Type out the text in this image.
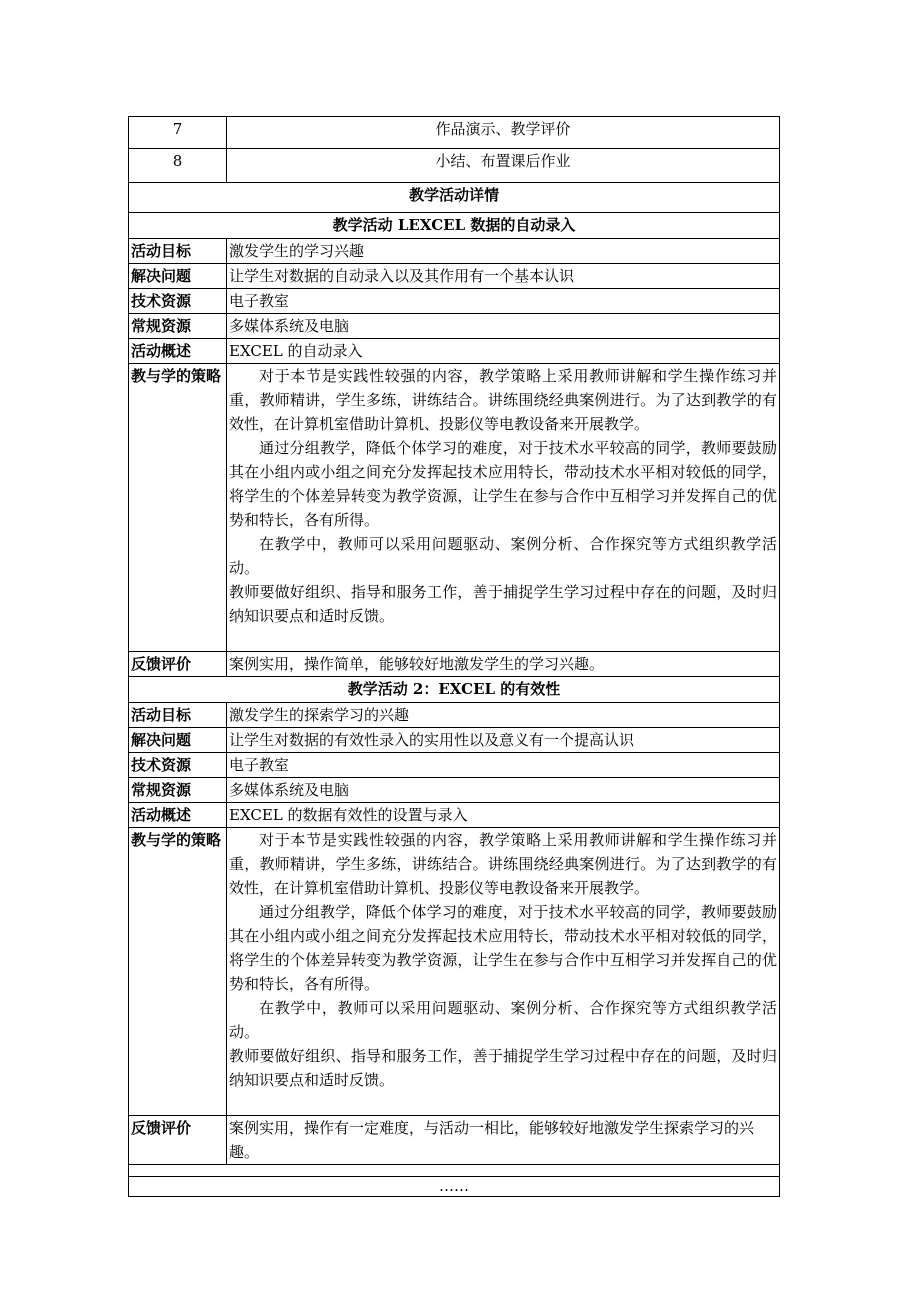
7	作品演示、教学评价
8	小结、布置课后作业
教学活动详情	
教学活动 LEXCEL 数据的自动录入	
活动目标	激发学生的学习兴趣
解决问题	让学生对数据的自动录入以及其作用有一个基本认识
技术资源	电子教室
常规资源	多媒体系统及电脑
活动概述	EXCEL 的自动录入
教与学的策略	对于本节是实践性较强的内容，教学策略上采用教师讲解和学生操作练习并重，教师精讲，学生多练，讲练结合。讲练围绕经典案例进行。为了达到教学的有效性，在计算机室借助计算机、投影仪等电教设备来开展教学。

通过分组教学，降低个体学习的难度，对于技术水平较高的同学，教师要鼓励其在小组内或小组之间充分发挥起技术应用特长，带动技术水平相对较低的同学，将学生的个体差异转变为教学资源，让学生在参与合作中互相学习并发挥自己的优势和特长，各有所得。

在教学中，教师可以采用问题驱动、案例分析、合作探究等方式组织教学活动。

教师要做好组织、指导和服务工作，善于捕捉学生学习过程中存在的问题，及时归纳知识要点和适时反馈。

反馈评价	案例实用，操作简单，能够较好地激发学生的学习兴趣。
教学活动 2：EXCEL 的有效性	
活动目标	激发学生的探索学习的兴趣
解决问题	让学生对数据的有效性录入的实用性以及意义有一个提高认识
技术资源	电子教室
常规资源	多媒体系统及电脑
活动概述	EXCEL 的数据有效性的设置与录入
教与学的策略	对于本节是实践性较强的内容，教学策略上采用教师讲解和学生操作练习并重，教师精讲，学生多练，讲练结合。讲练围绕经典案例进行。为了达到教学的有效性，在计算机室借助计算机、投影仪等电教设备来开展教学。

通过分组教学，降低个体学习的难度，对于技术水平较高的同学，教师要鼓励其在小组内或小组之间充分发挥起技术应用特长，带动技术水平相对较低的同学，将学生的个体差异转变为教学资源，让学生在参与合作中互相学习并发挥自己的优势和特长，各有所得。

在教学中，教师可以采用问题驱动、案例分析、合作探究等方式组织教学活动。

教师要做好组织、指导和服务工作，善于捕捉学生学习过程中存在的问题，及时归纳知识要点和适时反馈。

反馈评价	案例实用，操作有一定难度，与活动一相比，能够较好地激发学生探索学习的兴趣。

……	
